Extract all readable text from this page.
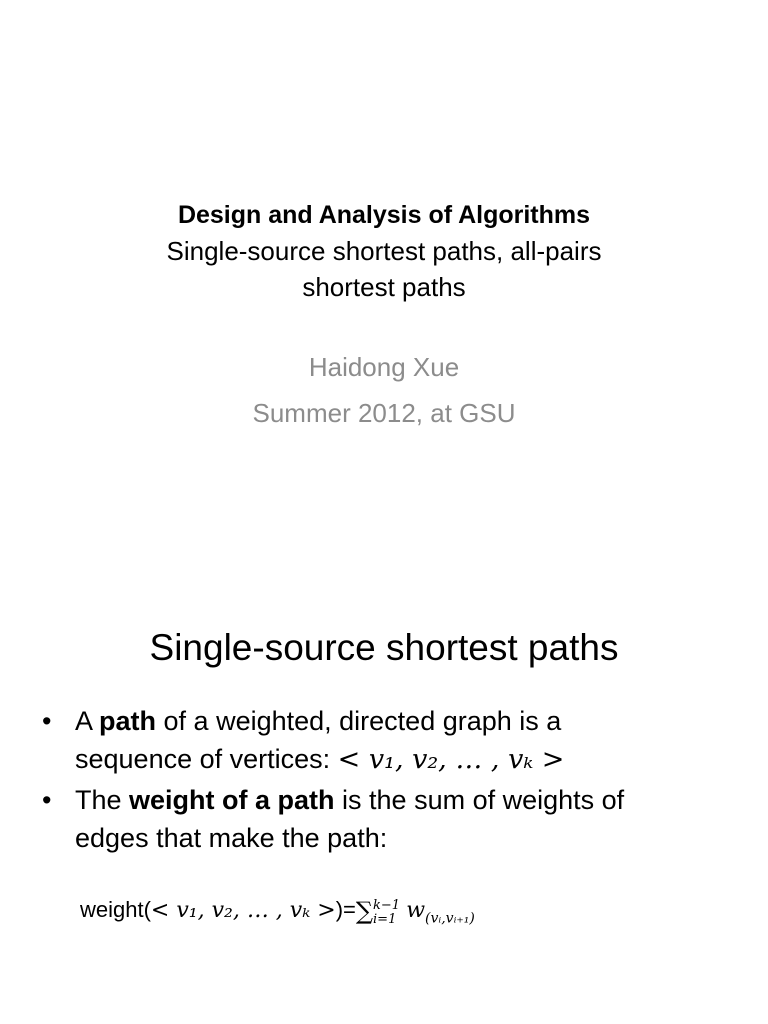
Design and Analysis of Algorithms
Single-source shortest paths, all-pairs
shortest paths
Haidong Xue
Summer 2012, at GSU
Single-source shortest paths
• A path of a weighted, directed graph is a
sequence of vertices: < v₁, v₂, … , vₖ >
• The weight of a path is the sum of weights of
edges that make the path:
weight(< v₁, v₂, … , vₖ >)=∑k−1
i=1 $w_{(vᵢ,vᵢ_{+1})}$
